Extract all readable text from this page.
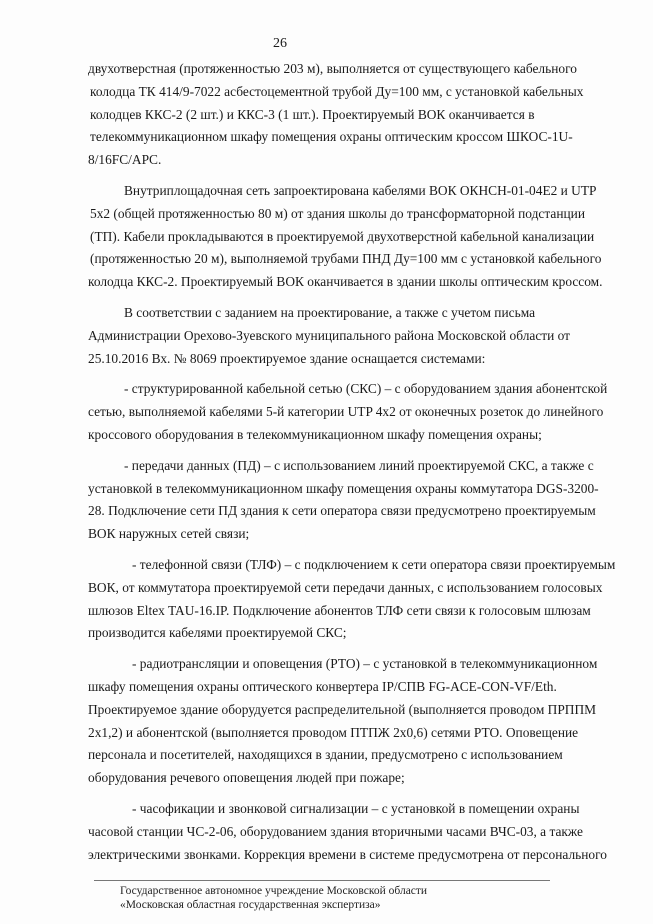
26
двухотверстная (протяженностью 203 м), выполняется от существующего кабельного
колодца ТК 414/9-7022 асбестоцементной трубой Ду=100 мм, с установкой кабельных
колодцев ККС-2 (2 шт.) и ККС-3 (1 шт.). Проектируемый ВОК оканчивается в
телекоммуникационном шкафу помещения охраны оптическим кроссом ШКОС-1U-
8/16FC/APC.
Внутриплощадочная сеть запроектирована кабелями ВОК ОКНСН-01-04Е2 и UTP
5х2 (общей протяженностью 80 м) от здания школы до трансформаторной подстанции
(ТП). Кабели прокладываются в проектируемой двухотверстной кабельной канализации
(протяженностью 20 м), выполняемой трубами ПНД Ду=100 мм с установкой кабельного
колодца ККС-2. Проектируемый ВОК оканчивается в здании школы оптическим кроссом.
В соответствии с заданием на проектирование, а также с учетом письма
Администрации Орехово-Зуевского муниципального района Московской области от
25.10.2016 Вх. № 8069 проектируемое здание оснащается системами:
- структурированной кабельной сетью (СКС) – с оборудованием здания абонентской
сетью, выполняемой кабелями 5-й категории UTP 4х2 от оконечных розеток до линейного
кроссового оборудования в телекоммуникационном шкафу помещения охраны;
- передачи данных (ПД) – с использованием линий проектируемой СКС, а также с
установкой в телекоммуникационном шкафу помещения охраны коммутатора DGS-3200-
28. Подключение сети ПД здания к сети оператора связи предусмотрено проектируемым
ВОК наружных сетей связи;
- телефонной связи (ТЛФ) – с подключением к сети оператора связи проектируемым
ВОК, от коммутатора проектируемой сети передачи данных, с использованием голосовых
шлюзов Eltex TAU-16.IP. Подключение абонентов ТЛФ сети связи к голосовым шлюзам
производится кабелями проектируемой СКС;
- радиотрансляции и оповещения (РТО) – с установкой в телекоммуникационном
шкафу помещения охраны оптического конвертера IP/СПВ FG-ACE-CON-VF/Eth.
Проектируемое здание оборудуется распределительной (выполняется проводом ПРППМ
2х1,2) и абонентской (выполняется проводом ПТПЖ 2х0,6) сетями РТО. Оповещение
персонала и посетителей, находящихся в здании, предусмотрено с использованием
оборудования речевого оповещения людей при пожаре;
- часофикации и звонковой сигнализации – с установкой в помещении охраны
часовой станции ЧС-2-06, оборудованием здания вторичными часами ВЧС-03, а также
электрическими звонками. Коррекция времени в системе предусмотрена от персонального
Государственное автономное учреждение Московской области
«Московская областная государственная экспертиза»
